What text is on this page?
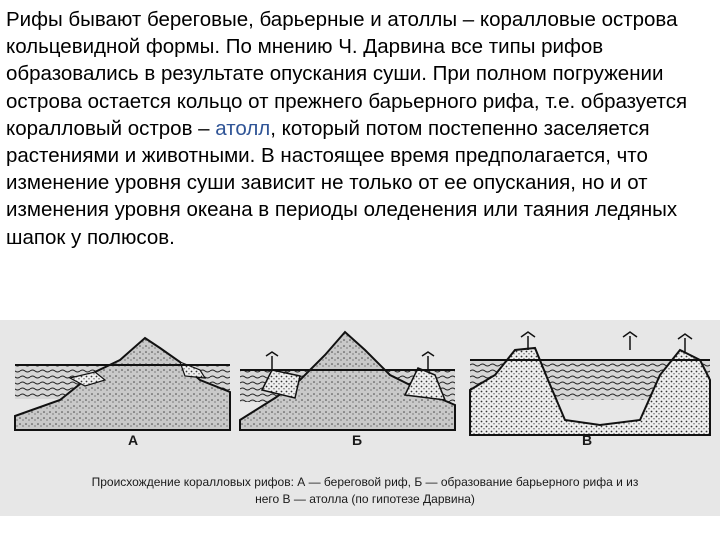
Рифы бывают береговые, барьерные и атоллы – коралловые острова кольцевидной формы. По мнению Ч. Дарвина все типы рифов образовались в результате опускания суши. При полном погружении острова остается кольцо от прежнего барьерного рифа, т.е. образуется коралловый остров – атолл, который потом постепенно заселяется растениями и животными. В настоящее время предполагается, что изменение уровня суши зависит не только от ее опускания, но и от изменения уровня океана в периоды оледенения или таяния ледяных шапок у полюсов.

А	Б	В
Происхождение коралловых рифов: А — береговой риф, Б — образование барьерного рифа и из
него В — атолла (по гипотезе Дарвина)
